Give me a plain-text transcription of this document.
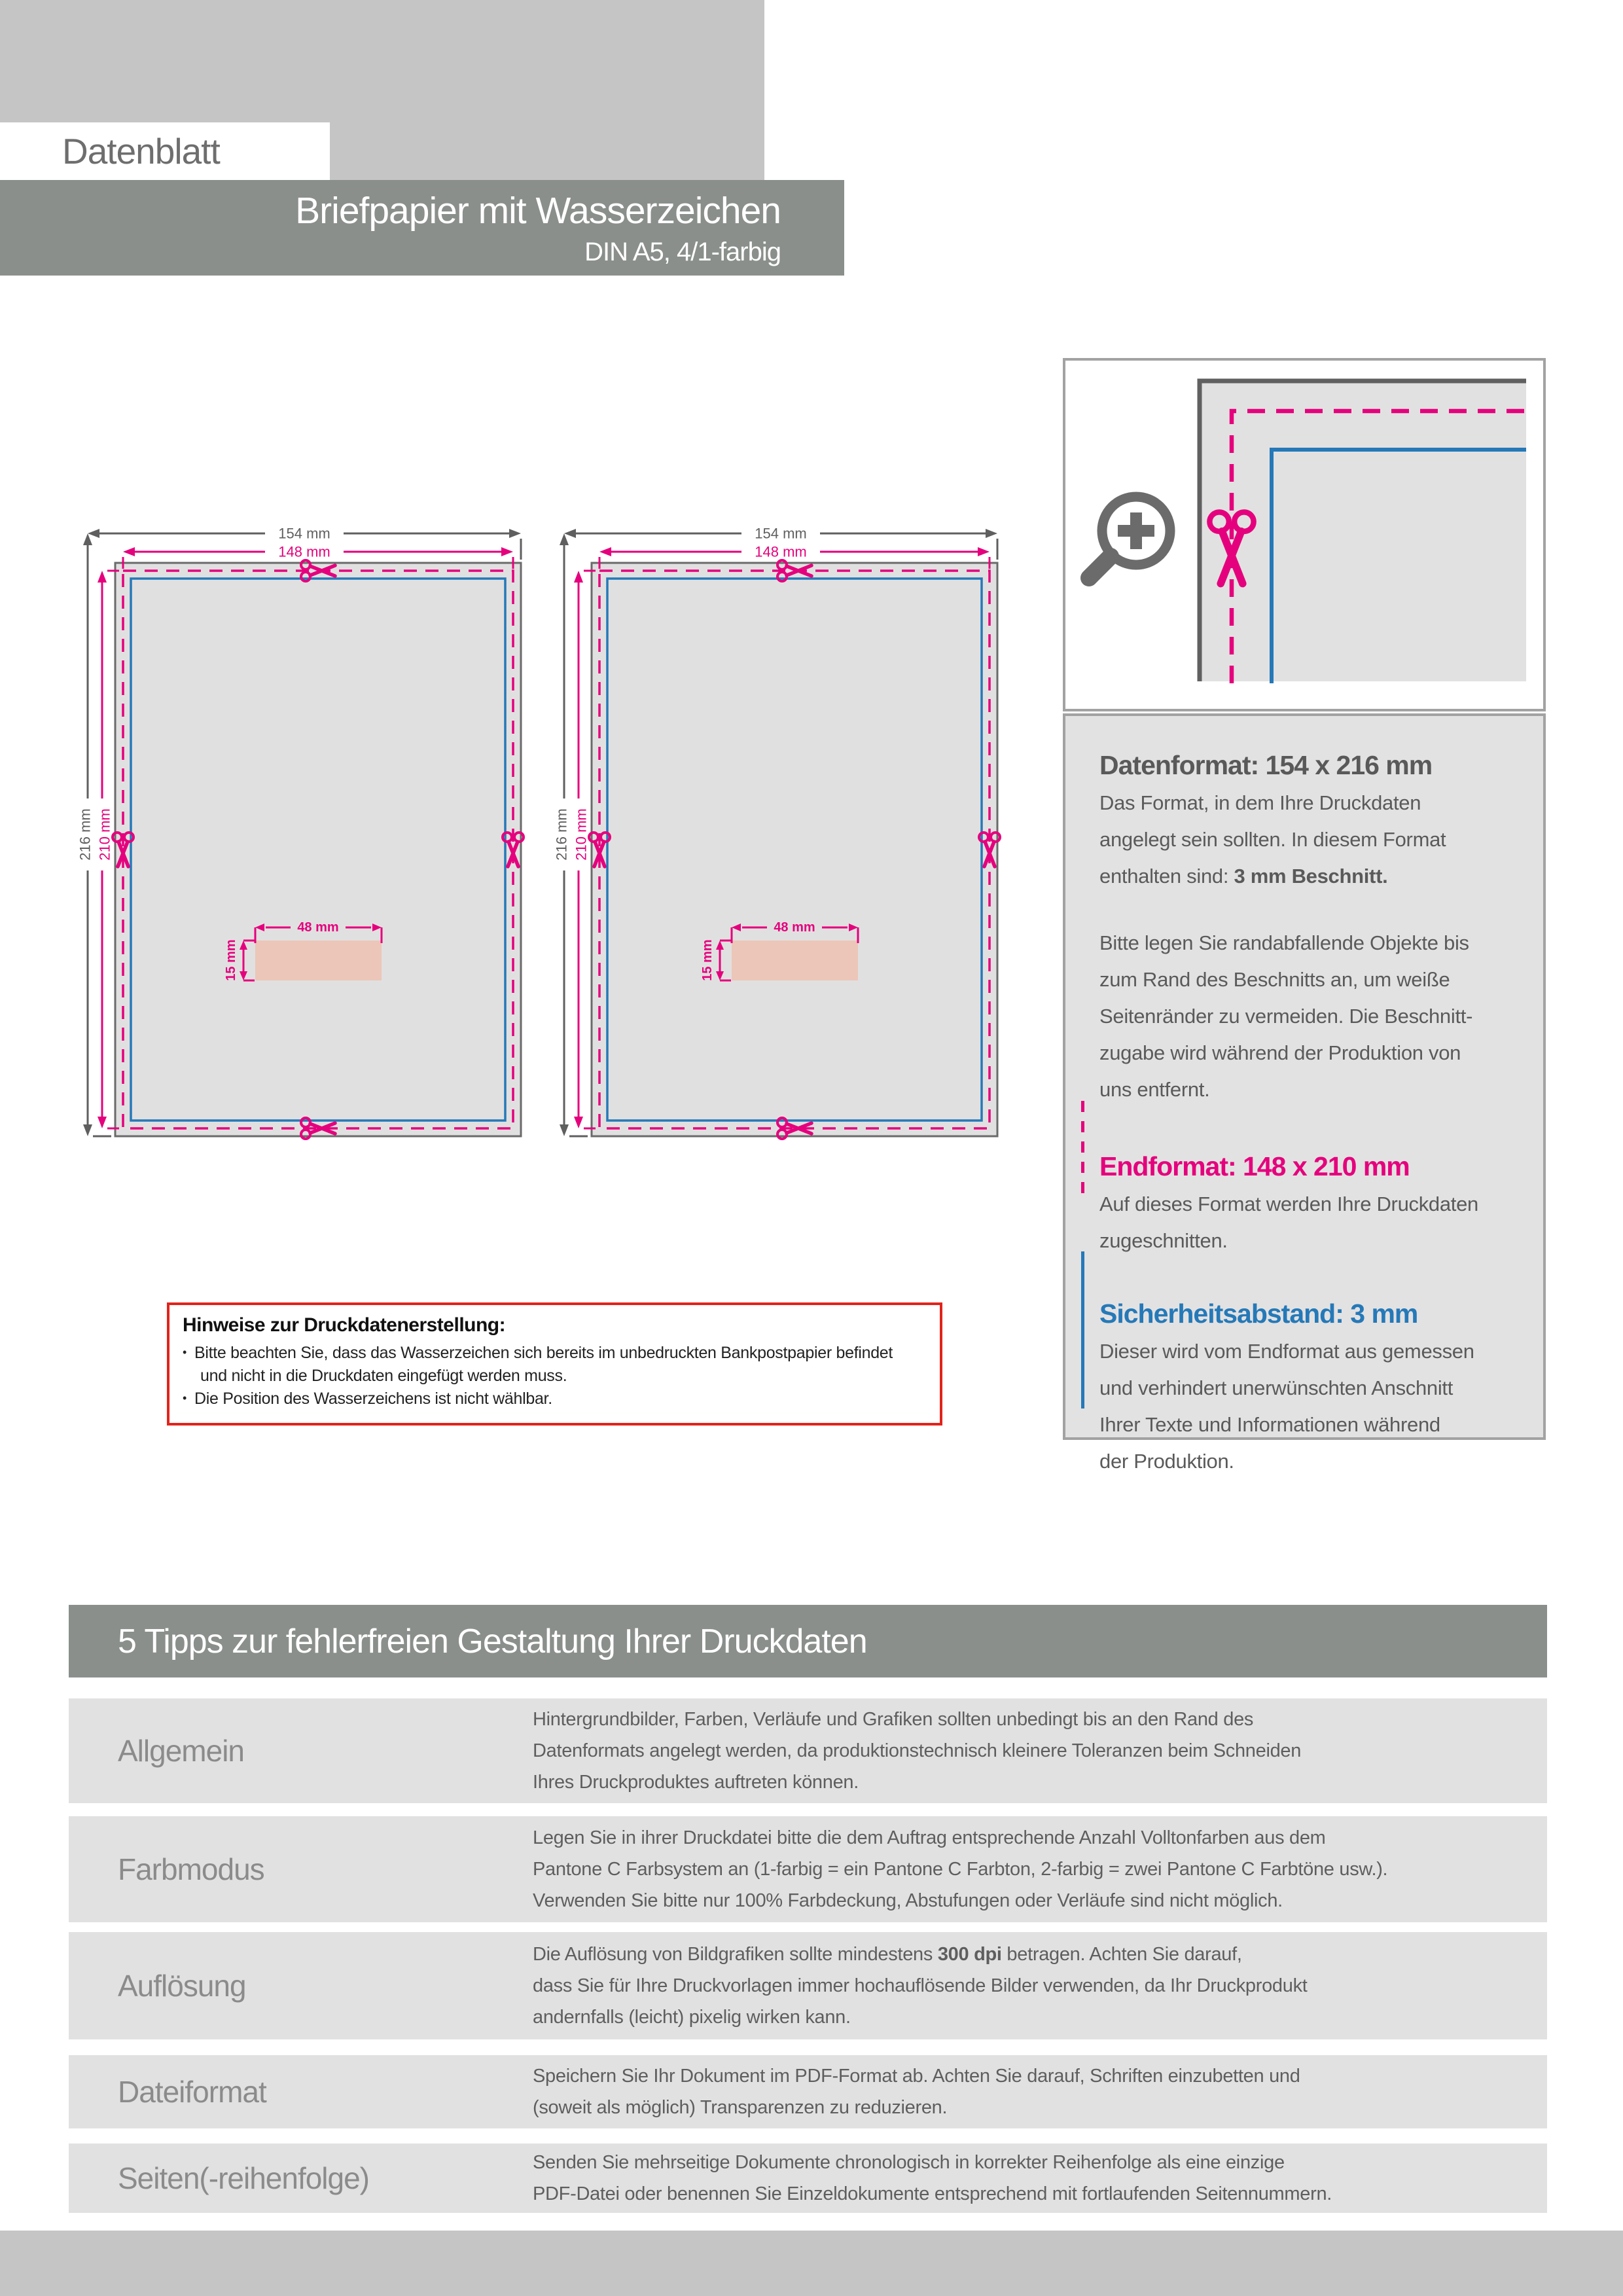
Datenblatt
Briefpapier mit Wasserzeichen
DIN A5, 4/1-farbig
154 mm
216 mm
148 mm
210 mm
48 mm
15 mm
154 mm
216 mm
148 mm
210 mm
48 mm
15 mm
Datenformat: 154 x 216 mm
Das Format, in dem Ihre Druckdaten
angelegt sein sollten. In diesem Format
enthalten sind: 3 mm Beschnitt.
Bitte legen Sie randabfallende Objekte bis
zum Rand des Beschnitts an, um weiße
Seitenränder zu vermeiden. Die Beschnitt-
zugabe wird während der Produktion von
uns entfernt.
Endformat: 148 x 210 mm
Auf dieses Format werden Ihre Druckdaten
zugeschnitten.
Sicherheitsabstand: 3 mm
Dieser wird vom Endformat aus gemessen
und verhindert unerwünschten Anschnitt
Ihrer Texte und Informationen während
der Produktion.
Hinweise zur Druckdatenerstellung:
• Bitte beachten Sie, dass das Wasserzeichen sich bereits im unbedruckten Bankpostpapier befindet
und nicht in die Druckdaten eingefügt werden muss.
• Die Position des Wasserzeichens ist nicht wählbar.
5 Tipps zur fehlerfreien Gestaltung Ihrer Druckdaten
Allgemein
Hintergrundbilder, Farben, Verläufe und Grafiken sollten unbedingt bis an den Rand des
Datenformats angelegt werden, da produktionstechnisch kleinere Toleranzen beim Schneiden
Ihres Druckproduktes auftreten können.
Farbmodus
Legen Sie in ihrer Druckdatei bitte die dem Auftrag entsprechende Anzahl Volltonfarben aus dem
Pantone C Farbsystem an (1-farbig = ein Pantone C Farbton, 2-farbig = zwei Pantone C Farbtöne usw.).
Verwenden Sie bitte nur 100% Farbdeckung, Abstufungen oder Verläufe sind nicht möglich.
Auflösung
Die Auflösung von Bildgrafiken sollte mindestens 300 dpi betragen. Achten Sie darauf,
dass Sie für Ihre Druckvorlagen immer hochauflösende Bilder verwenden, da Ihr Druckprodukt
andernfalls (leicht) pixelig wirken kann.
Dateiformat	Speichern Sie Ihr Dokument im PDF-Format ab. Achten Sie darauf, Schriften einzubetten und
(soweit als möglich) Transparenzen zu reduzieren.
Seiten(-reihenfolge)	Senden Sie mehrseitige Dokumente chronologisch in korrekter Reihenfolge als eine einzige
PDF-Datei oder benennen Sie Einzeldokumente entsprechend mit fortlaufenden Seitennummern.
